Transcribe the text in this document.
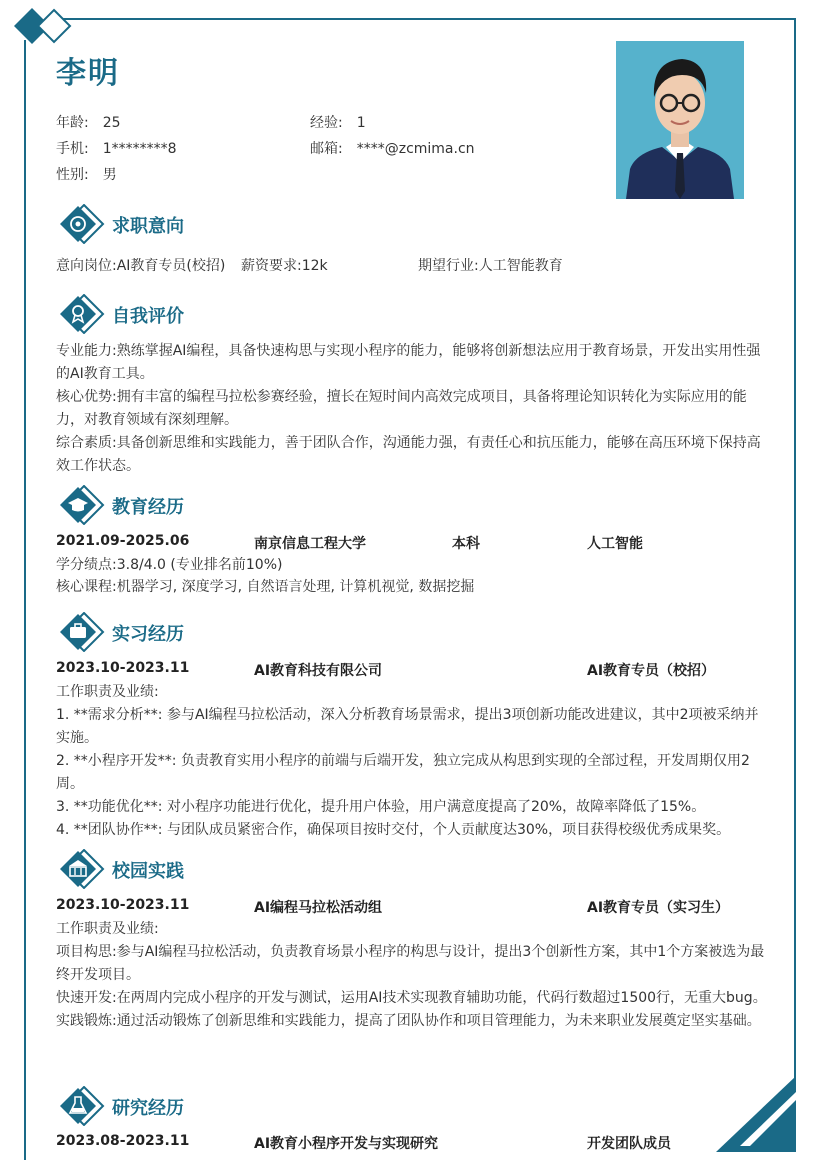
李明
年龄: 25	经验: 1
手机: 1********8	邮箱: ****@zcmima.cn
性别: 男
求职意向
意向岗位:AI教育专员(校招) 薪资要求:12k	期望行业:人工智能教育
自我评价
专业能力:熟练掌握AI编程，具备快速构思与实现小程序的能力，能够将创新想法应用于教育场景，开发出实用性强的AI教育工具。
核心优势:拥有丰富的编程马拉松参赛经验，擅长在短时间内高效完成项目，具备将理论知识转化为实际应用的能力，对教育领域有深刻理解。
综合素质:具备创新思维和实践能力，善于团队合作，沟通能力强，有责任心和抗压能力，能够在高压环境下保持高效工作状态。
教育经历
2021.09-2025.06	南京信息工程大学	本科	人工智能
学分绩点:3.8/4.0 (专业排名前10%)
核心课程:机器学习, 深度学习, 自然语言处理, 计算机视觉, 数据挖掘
实习经历
2023.10-2023.11	AI教育科技有限公司	AI教育专员（校招）
工作职责及业绩:
1. **需求分析**: 参与AI编程马拉松活动，深入分析教育场景需求，提出3项创新功能改进建议，其中2项被采纳并实施。
2. **小程序开发**: 负责教育实用小程序的前端与后端开发，独立完成从构思到实现的全部过程，开发周期仅用2周。
3. **功能优化**: 对小程序功能进行优化，提升用户体验，用户满意度提高了20%，故障率降低了15%。
4. **团队协作**: 与团队成员紧密合作，确保项目按时交付，个人贡献度达30%，项目获得校级优秀成果奖。
校园实践
2023.10-2023.11	AI编程马拉松活动组	AI教育专员（实习生）
工作职责及业绩:
项目构思:参与AI编程马拉松活动，负责教育场景小程序的构思与设计，提出3个创新性方案，其中1个方案被选为最终开发项目。
快速开发:在两周内完成小程序的开发与测试，运用AI技术实现教育辅助功能，代码行数超过1500行，无重大bug。
实践锻炼:通过活动锻炼了创新思维和实践能力，提高了团队协作和项目管理能力，为未来职业发展奠定坚实基础。
研究经历
2023.08-2023.11	AI教育小程序开发与实现研究	开发团队成员
